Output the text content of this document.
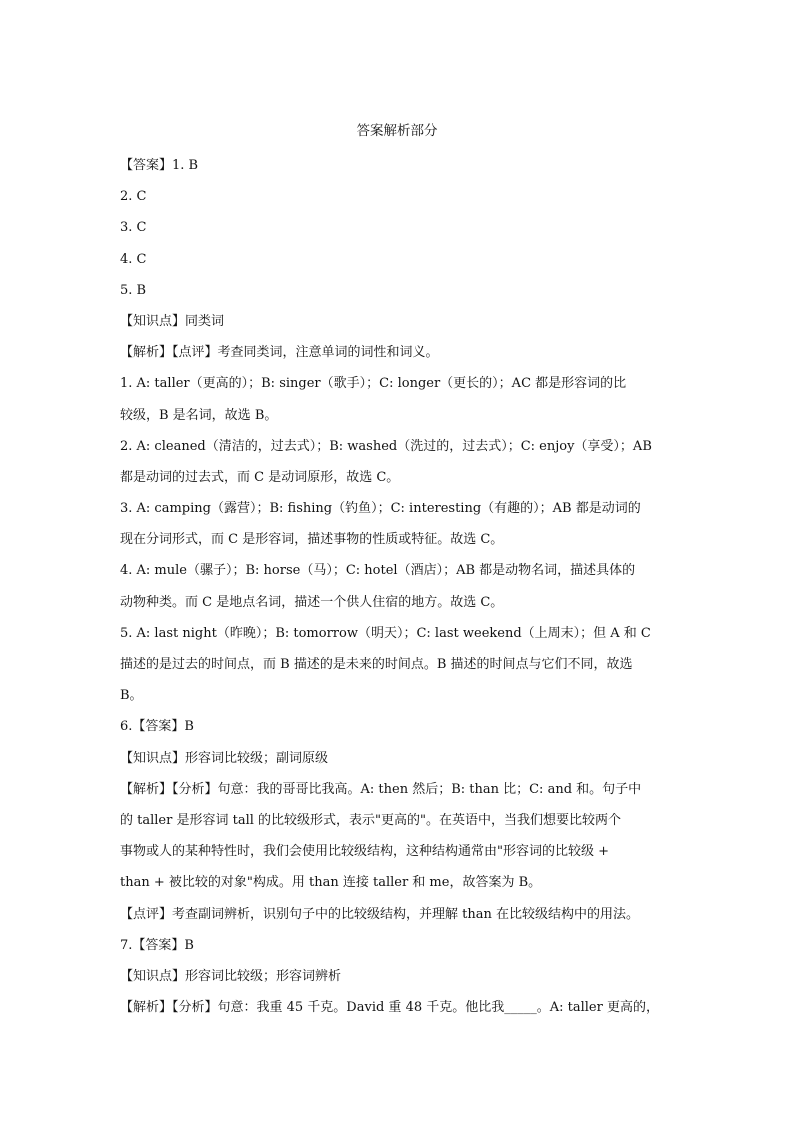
答案解析部分
【答案】1. B
2. C
3. C
4. C
5. B
【知识点】同类词
【解析】【点评】考查同类词，注意单词的词性和词义。
1. A: taller（更高的）；B: singer（歌手）；C: longer（更长的）；AC 都是形容词的比
较级，B 是名词，故选 B。
2. A: cleaned（清洁的，过去式）；B: washed（洗过的，过去式）；C: enjoy（享受）；AB
都是动词的过去式，而 C 是动词原形，故选 C。
3. A: camping（露营）；B: fishing（钓鱼）；C: interesting（有趣的）；AB 都是动词的
现在分词形式，而 C 是形容词，描述事物的性质或特征。故选 C。
4. A: mule（骡子）；B: horse（马）；C: hotel（酒店）；AB 都是动物名词，描述具体的
动物种类。而 C 是地点名词，描述一个供人住宿的地方。故选 C。
5. A: last night（昨晚）；B: tomorrow（明天）；C: last weekend（上周末）；但 A 和 C
描述的是过去的时间点，而 B 描述的是未来的时间点。B 描述的时间点与它们不同，故选
B。
6.【答案】B
【知识点】形容词比较级；副词原级
【解析】【分析】句意：我的哥哥比我高。A: then 然后；B: than 比；C: and 和。句子中
的 taller 是形容词 tall 的比较级形式，表示"更高的"。在英语中，当我们想要比较两个
事物或人的某种特性时，我们会使用比较级结构，这种结构通常由"形容词的比较级 +
than + 被比较的对象"构成。用 than 连接 taller 和 me，故答案为 B。
【点评】考查副词辨析，识别句子中的比较级结构，并理解 than 在比较级结构中的用法。
7.【答案】B
【知识点】形容词比较级；形容词辨析
【解析】【分析】句意：我重 45 千克。David 重 48 千克。他比我_____。A: taller 更高的，
